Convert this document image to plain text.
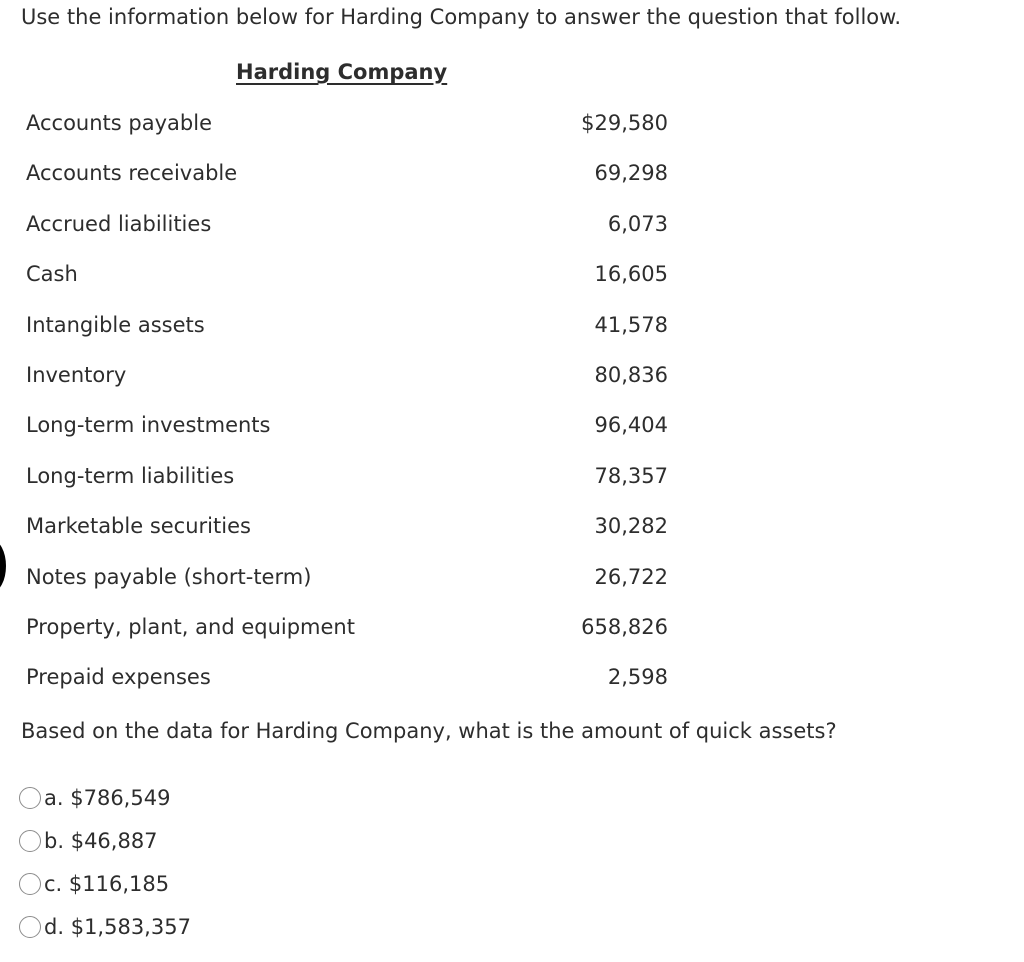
Use the information below for Harding Company to answer the question that follow.
Harding Company
Accounts payable	$29,580
Accounts receivable	69,298
Accrued liabilities	6,073
Cash	16,605
Intangible assets	41,578
Inventory	80,836
Long-term investments	96,404
Long-term liabilities	78,357
Marketable securities	30,282
Notes payable (short-term)	26,722
Property, plant, and equipment	658,826
Prepaid expenses	2,598
Based on the data for Harding Company, what is the amount of quick assets?
a. $786,549
b. $46,887
c. $116,185
d. $1,583,357
